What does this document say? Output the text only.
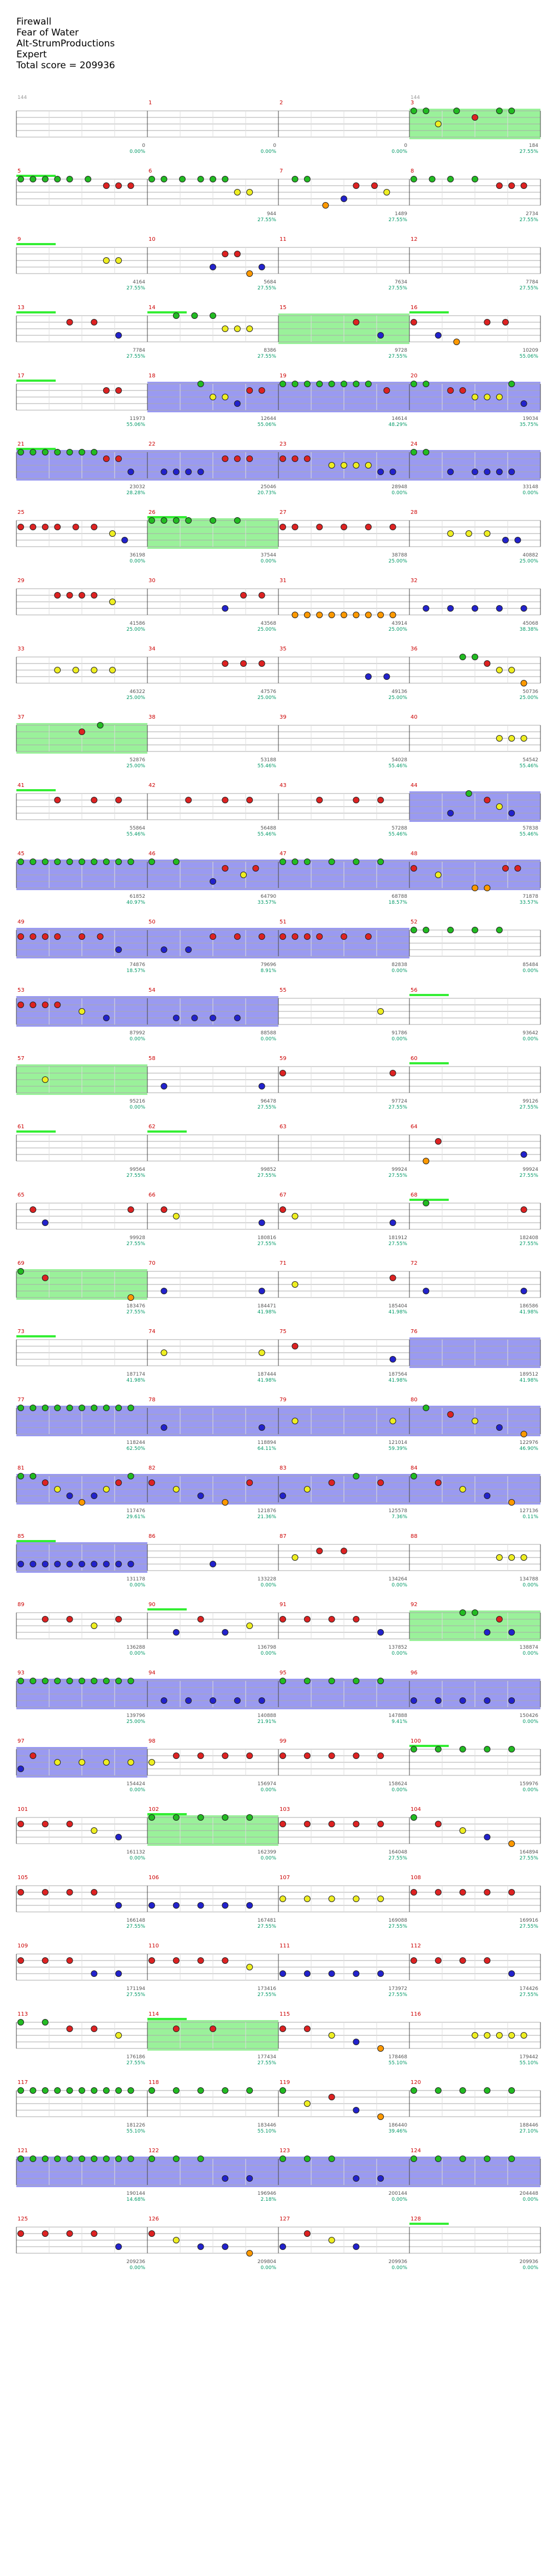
Firewall
Fear of Water
Alt-StrumProductions
Expert
Total score = 209936
144
0
0.00%
1
0
0.00%
2
0
0.00%
3
144
184
27.55%
5	6
944
27.55%
7
1489
27.55%
8
2734
27.55%
9
4164
27.55%
10
5684
27.55%
11
7634
27.55%
12
7784
27.55%
13
7784
27.55%
14
8386
27.55%
15
9728
27.55%
16
10209
55.06%
17
11973
55.06%
18
12644
55.06%
19
14614
48.29%
20
19034
35.75%
21
23032
28.28%
22
25046
20.73%
23
28948
0.00%
24
33148
0.00%
25
36198
0.00%
26
37544
0.00%
27
38788
25.00%
28
40882
25.00%
29
41586
25.00%
30
43568
25.00%
31
43914
25.00%
32
45068
38.38%
33
46322
25.00%
34
47576
25.00%
35
49136
25.00%
36
50736
25.00%
37
52876
25.00%
38
53188
55.46%
39
54028
55.46%
40
54542
55.46%
41
55864
55.46%
42
56488
55.46%
43
57288
55.46%
44
57838
55.46%
45
61852
40.97%
46
64790
33.57%
47
68788
18.57%
48
71878
33.57%
49
74876
18.57%
50
79696
8.91%
51
82838
0.00%
52
85484
0.00%
53
87992
0.00%
54
88588
0.00%
55
91786
0.00%
56
93642
0.00%
57
95216
0.00%
58
96478
27.55%
59
97724
27.55%
60
99126
27.55%
61
99564
27.55%
62
99852
27.55%
63
99924
27.55%
64
99924
27.55%
65
99928
27.55%
66
180816
27.55%
67
181912
27.55%
68
182408
27.55%
69
183476
27.55%
70
184471
41.98%
71
185404
41.98%
72
186586
41.98%
73
187174
41.98%
74
187444
41.98%
75
187564
41.98%
76
189512
41.98%
77
118244
62.50%
78
118894
64.11%
79
121014
59.39%
80
122976
46.90%
81
117476
29.61%
82
121876
21.36%
83
125578
7.36%
84
127136
0.11%
85
131178
0.00%
86
133228
0.00%
87
134264
0.00%
88
134788
0.00%
89
136288
0.00%
90
136798
0.00%
91
137852
0.00%
92
138874
0.00%
93
139796
25.00%
94
140888
21.91%
95
147888
9.41%
96
150426
0.00%
97
154424
0.00%
98
156974
0.00%
99
158624
0.00%
100
159976
0.00%
101
161132
0.00%
102
162399
0.00%
103
164048
27.55%
104
164894
27.55%
105
166148
27.55%
106
167481
27.55%
107
169088
27.55%
108
169916
27.55%
109
171194
27.55%
110
173416
27.55%
111
173972
27.55%
112
174426
27.55%
113
176186
27.55%
114
177434
27.55%
115
178468
55.10%
116
179442
55.10%
117
181226
55.10%
118
183446
55.10%
119
186440
39.46%
120
188446
27.10%
121
190144
14.68%
122
196946
2.18%
123
200144
0.00%
124
204448
0.00%
125
209236
0.00%
126
209804
0.00%
127
209936
0.00%
128
209936
0.00%
